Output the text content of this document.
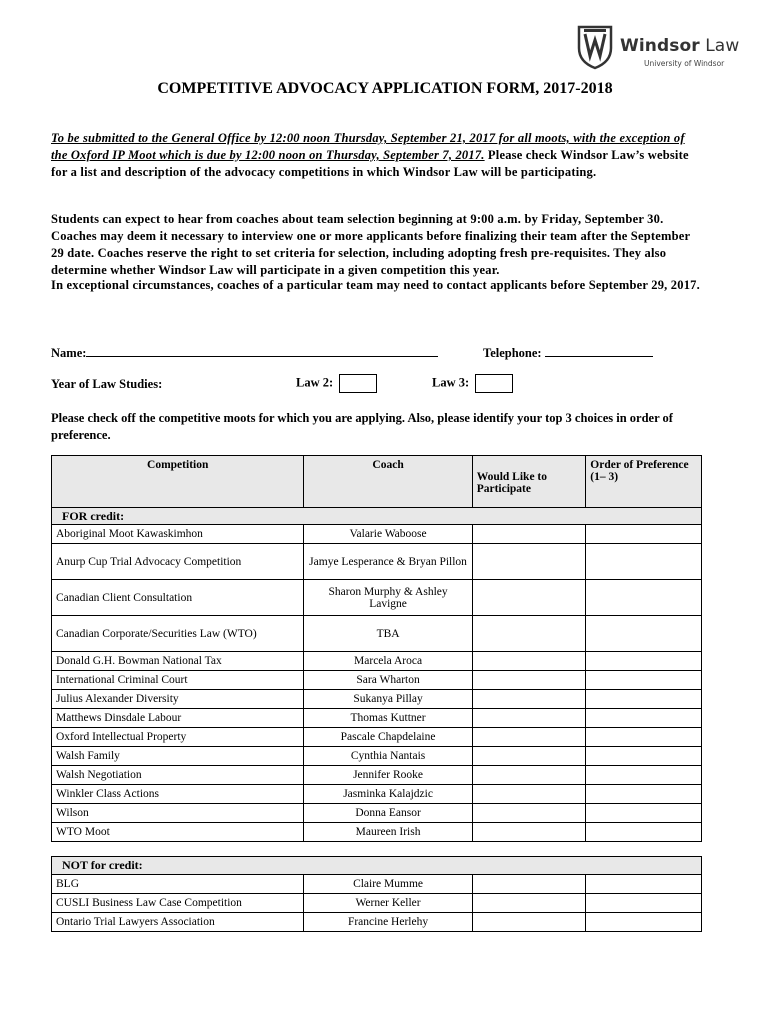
Windsor Law
University of Windsor
COMPETITIVE ADVOCACY APPLICATION FORM, 2017-2018
To be submitted to the General Office by 12:00 noon Thursday, September 21, 2017 for all moots, with the exception of the Oxford IP Moot which is due by 12:00 noon on Thursday, September 7, 2017. Please check Windsor Law’s website for a list and description of the advocacy competitions in which Windsor Law will be participating.
Students can expect to hear from coaches about team selection beginning at 9:00 a.m. by Friday, September 30. Coaches may deem it necessary to interview one or more applicants before finalizing their team after the September 29 date. Coaches reserve the right to set criteria for selection, including adopting fresh pre-requisites. They also determine whether Windsor Law will participate in a given competition this year.
In exceptional circumstances, coaches of a particular team may need to contact applicants before September 29, 2017.
Name:	Telephone:
Year of Law Studies:	Law 2:	Law 3:
Please check off the competitive moots for which you are applying. Also, please identify your top 3 choices in order of preference.
Competition	Coach	Would Like to Participate	Order of Preference (1– 3)
FOR credit:			
Aboriginal Moot Kawaskimhon	Valarie Waboose		
Anurp Cup Trial Advocacy Competition	Jamye Lesperance & Bryan Pillon		
Canadian Client Consultation	Sharon Murphy & Ashley Lavigne		
Canadian Corporate/Securities Law (WTO)	TBA		
Donald G.H. Bowman National Tax	Marcela Aroca		
International Criminal Court	Sara Wharton		
Julius Alexander Diversity	Sukanya Pillay		
Matthews Dinsdale Labour	Thomas Kuttner		
Oxford Intellectual Property	Pascale Chapdelaine		
Walsh Family	Cynthia Nantais		
Walsh Negotiation	Jennifer Rooke		
Winkler Class Actions	Jasminka Kalajdzic		
Wilson	Donna Eansor		
WTO Moot	Maureen Irish		
NOT for credit:			
BLG	Claire Mumme		
CUSLI Business Law Case Competition	Werner Keller		
Ontario Trial Lawyers Association	Francine Herlehy		
